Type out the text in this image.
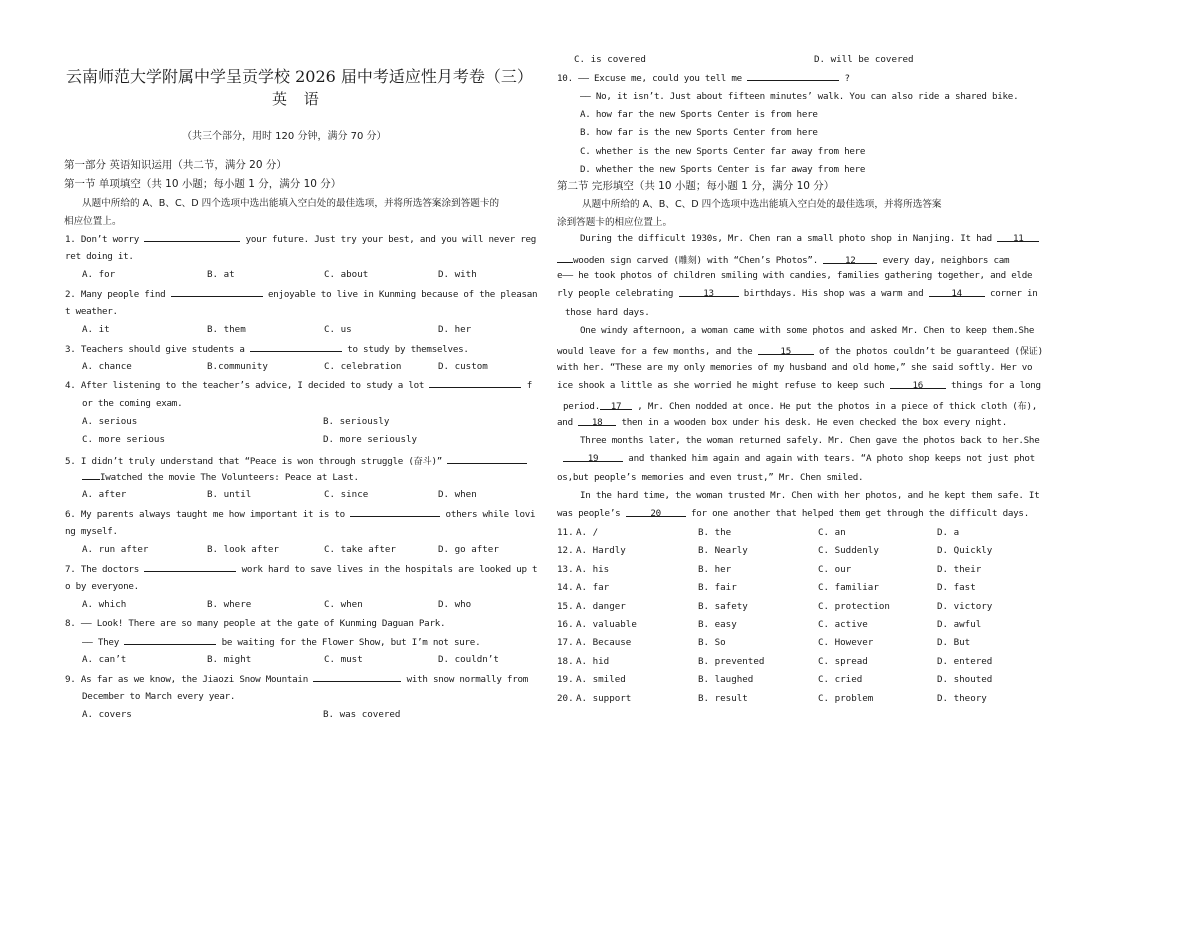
云南师范大学附属中学呈贡学校 2026 届中考适应性月考卷（三）
英 语
（共三个部分，用时 120 分钟，满分 70 分）
第一部分 英语知识运用（共二节，满分 20 分）
第一节 单项填空（共 10 小题；每小题 1 分，满分 10 分）
从题中所给的 A、B、C、D 四个选项中选出能填入空白处的最佳选项，并将所选答案涂到答题卡的
相应位置上。
1. Don’t worry	your future. Just try your best, and you will never reg
ret doing it.
A. for	B. at	C. about	D. with
2. Many people find	enjoyable to live in Kunming because of the pleasan
t weather.
A. it	B. them	C. us	D. her
3. Teachers should give students a	to study by themselves.
A. chance	B.community	C. celebration	D. custom
4. After listening to the teacher’s advice, I decided to study a lot	f
or the coming exam.
A. serious	B. seriously
C. more serious	D. more seriously
5. I didn’t truly understand that “Peace is won through struggle (奋斗)”
Iwatched the movie The Volunteers: Peace at Last.
A. after	B. until	C. since	D. when
6. My parents always taught me how important it is to	others while lovi
ng myself.
A. run after	B. look after	C. take after	D. go after
7. The doctors	work hard to save lives in the hospitals are looked up t
o by everyone.
A. which	B. where	C. when	D. who
8. —— Look! There are so many people at the gate of Kunming Daguan Park.
—— They	be waiting for the Flower Show, but I’m not sure.
A. can’t	B. might	C. must	D. couldn’t
9. As far as we know, the Jiaozi Snow Mountain	with snow normally from
December to March every year.
A. covers	B. was covered
C. is covered	D. will be covered
10. —— Excuse me, could you tell me	?
—— No, it isn’t. Just about fifteen minutes’ walk. You can also ride a shared bike.
A. how far the new Sports Center is from here
B. how far is the new Sports Center from here
C. whether is the new Sports Center far away from here
D. whether the new Sports Center is far away from here
第二节 完形填空（共 10 小题；每小题 1 分，满分 10 分）
从题中所给的 A、B、C、D 四个选项中选出能填入空白处的最佳选项，并将所选答案
涂到答题卡的相应位置上。
During the difficult 1930s, Mr. Chen ran a small photo shop in Nanjing. It had 11
wooden sign carved (雕刻) with “Chen’s Photos”.	12	every day, neighbors cam
e—— he took photos of children smiling with candies, families gathering together, and elde
rly people celebrating	13	birthdays. His shop was a warm and	14	corner in
those hard days.
One windy afternoon, a woman came with some photos and asked Mr. Chen to keep them.She
would leave for a few months, and the	15	of the photos couldn’t be guaranteed (保证)
with her. “These are my only memories of my husband and old home,” she said softly. Her vo
ice shook a little as she worried he might refuse to keep such	16	things for a long
period. 17 , Mr. Chen nodded at once. He put the photos in a piece of thick cloth (布),
and 18 then in a wooden box under his desk. He even checked the box every night.
Three months later, the woman returned safely. Mr. Chen gave the photos back to her.She
19	and thanked him again and again with tears. “A photo shop keeps not just phot
os,but people’s memories and even trust,” Mr. Chen smiled.
In the hard time, the woman trusted Mr. Chen with her photos, and he kept them safe. It
was people’s	20	for one another that helped them get through the difficult days.
11. A. /	B. the	C. an	D. a
12. A. Hardly	B. Nearly	C. Suddenly	D. Quickly
13. A. his	B. her	C. our	D. their
14. A. far	B. fair	C. familiar	D. fast
15. A. danger	B. safety	C. protection	D. victory
16. A. valuable	B. easy	C. active	D. awful
17. A. Because	B. So	C. However	D. But
18. A. hid	B. prevented	C. spread	D. entered
19. A. smiled	B. laughed	C. cried	D. shouted
20. A. support	B. result	C. problem	D. theory
